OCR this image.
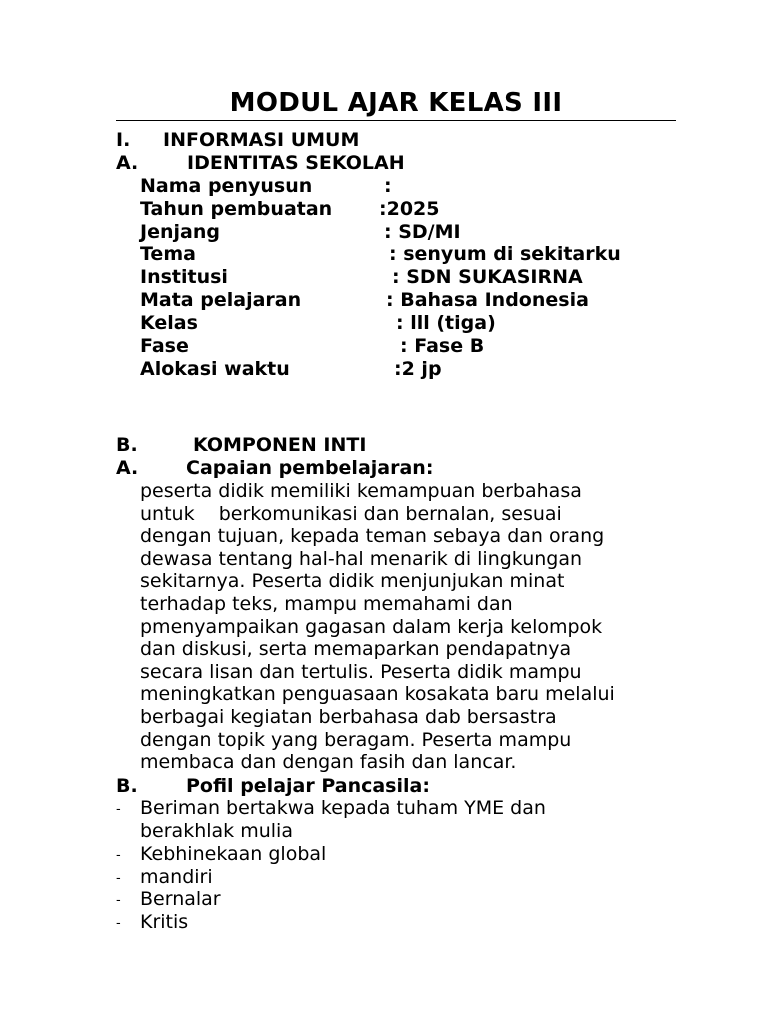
MODUL AJAR KELAS III
I. INFORMASI UMUM
A.	IDENTITAS SEKOLAH
Nama penyusun	:
Tahun pembuatan :2025
Jenjang	: SD/MI
Tema	: senyum di sekitarku
Institusi	: SDN SUKASIRNA
Mata pelajaran	: Bahasa Indonesia
Kelas	: lll (tiga)
Fase	: Fase B
Alokasi waktu	:2 jp
B.	KOMPONEN INTI
A.	Capaian pembelajaran:
peserta didik memiliki kemampuan berbahasa
untuk    berkomunikasi dan bernalan, sesuai
dengan tujuan, kepada teman sebaya dan orang
dewasa tentang hal-hal menarik di lingkungan
sekitarnya. Peserta didik menjunjukan minat
terhadap teks, mampu memahami dan
pmenyampaikan gagasan dalam kerja kelompok
dan diskusi, serta memaparkan pendapatnya
secara lisan dan tertulis. Peserta didik mampu
meningkatkan penguasaan kosakata baru melalui
berbagai kegiatan berbahasa dab bersastra
dengan topik yang beragam. Peserta mampu
membaca dan dengan fasih dan lancar.
B.	Pofil pelajar Pancasila:
- Beriman bertakwa kepada tuham YME dan
berakhlak mulia
- Kebhinekaan global
- mandiri
- Bernalar
- Kritis
